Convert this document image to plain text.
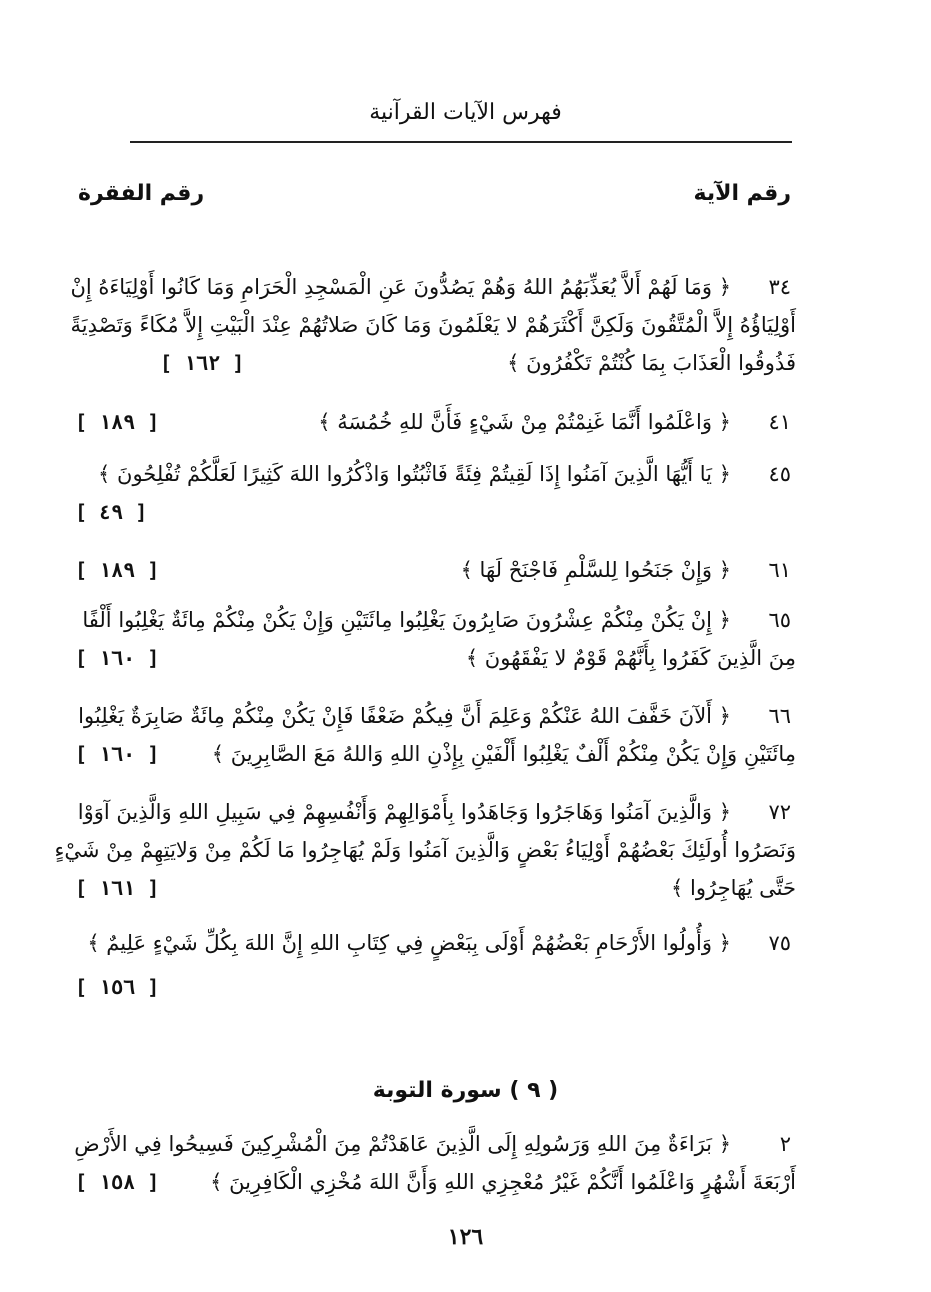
فهرس الآيات القرآنية
رقم الآية
رقم الفقرة
٣٤
﴿ وَمَا لَهُمْ أَلاَّ يُعَذِّبَهُمُ اللهُ وَهُمْ يَصُدُّونَ عَنِ الْمَسْجِدِ الْحَرَامِ وَمَا كَانُوا أَوْلِيَاءَهُ إِنْ
أَوْلِيَاؤُهُ إِلاَّ الْمُتَّقُونَ وَلَكِنَّ أَكْثَرَهُمْ لا يَعْلَمُونَ وَمَا كَانَ صَلاتُهُمْ عِنْدَ الْبَيْتِ إِلاَّ مُكَاءً وَتَصْدِيَةً
فَذُوقُوا الْعَذَابَ بِمَا كُنْتُمْ تَكْفُرُونَ ﴾
[ ١٦٢ ]
٤١
﴿ وَاعْلَمُوا أَنَّمَا غَنِمْتُمْ مِنْ شَيْءٍ فَأَنَّ للهِ خُمُسَهُ ﴾
[ ١٨٩ ]
٤٥
﴿ يَا أَيُّهَا الَّذِينَ آمَنُوا إِذَا لَقِيتُمْ فِئَةً فَاثْبُتُوا وَاذْكُرُوا اللهَ كَثِيرًا لَعَلَّكُمْ تُفْلِحُونَ ﴾
[ ٤٩ ]
٦١
﴿ وَإِنْ جَنَحُوا لِلسَّلْمِ فَاجْنَحْ لَهَا ﴾
[ ١٨٩ ]
٦٥
﴿ إِنْ يَكُنْ مِنْكُمْ عِشْرُونَ صَابِرُونَ يَغْلِبُوا مِائَتَيْنِ وَإِنْ يَكُنْ مِنْكُمْ مِائَةٌ يَغْلِبُوا أَلْفًا
مِنَ الَّذِينَ كَفَرُوا بِأَنَّهُمْ قَوْمٌ لا يَفْقَهُونَ ﴾
[ ١٦٠ ]
٦٦
﴿ أَلآنَ خَفَّفَ اللهُ عَنْكُمْ وَعَلِمَ أَنَّ فِيكُمْ ضَعْفًا فَإِنْ يَكُنْ مِنْكُمْ مِائَةٌ صَابِرَةٌ يَغْلِبُوا
مِائَتَيْنِ وَإِنْ يَكُنْ مِنْكُمْ أَلْفٌ يَغْلِبُوا أَلْفَيْنِ بِإِذْنِ اللهِ وَاللهُ مَعَ الصَّابِرِينَ ﴾
[ ١٦٠ ]
٧٢
﴿ وَالَّذِينَ آمَنُوا وَهَاجَرُوا وَجَاهَدُوا بِأَمْوَالِهِمْ وَأَنْفُسِهِمْ فِي سَبِيلِ اللهِ وَالَّذِينَ آوَوْا
وَنَصَرُوا أُولَئِكَ بَعْضُهُمْ أَوْلِيَاءُ بَعْضٍ وَالَّذِينَ آمَنُوا وَلَمْ يُهَاجِرُوا مَا لَكُمْ مِنْ وَلايَتِهِمْ مِنْ شَيْءٍ
حَتَّى يُهَاجِرُوا ﴾
[ ١٦١ ]
٧٥
﴿ وَأُولُوا الأَرْحَامِ بَعْضُهُمْ أَوْلَى بِبَعْضٍ فِي كِتَابِ اللهِ إِنَّ اللهَ بِكُلِّ شَيْءٍ عَلِيمٌ ﴾
[ ١٥٦ ]
( ٩ ) سورة التوبة
٢
﴿ بَرَاءَةٌ مِنَ اللهِ وَرَسُولِهِ إِلَى الَّذِينَ عَاهَدْتُمْ مِنَ الْمُشْرِكِينَ فَسِيحُوا فِي الأَرْضِ
أَرْبَعَةَ أَشْهُرٍ وَاعْلَمُوا أَنَّكُمْ غَيْرُ مُعْجِزِي اللهِ وَأَنَّ اللهَ مُخْزِي الْكَافِرِينَ ﴾
[ ١٥٨ ]
١٢٦
